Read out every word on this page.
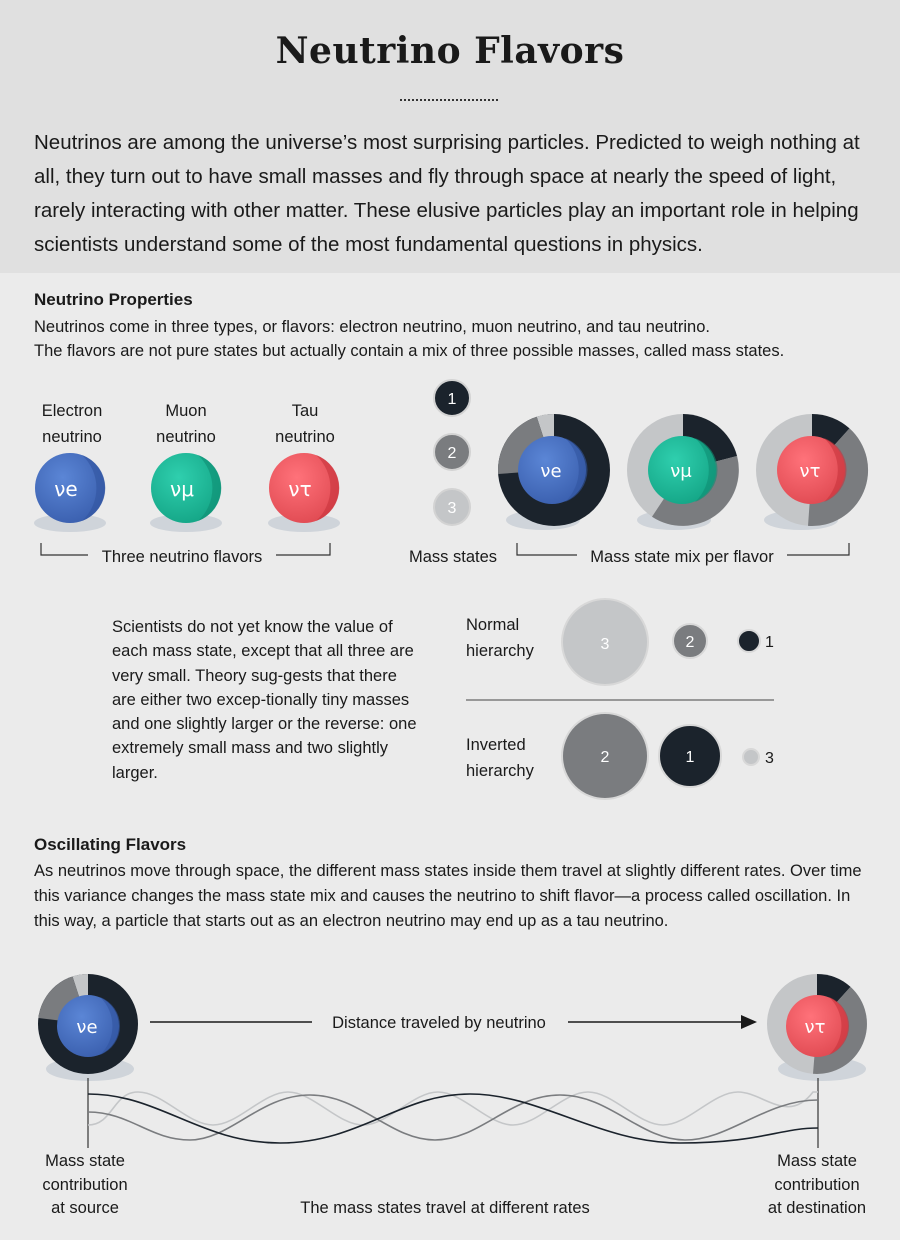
Neutrino Flavors
Neutrinos are among the universe’s most surprising particles. Predicted to weigh nothing at all, they turn out to have small masses and fly through space at nearly the speed of light, rarely interacting with other matter. These elusive particles play an important role in helping scientists understand some of the most fundamental questions in physics.
Neutrino Properties
Neutrinos come in three types, or flavors: electron neutrino, muon neutrino, and tau neutrino.
The flavors are not pure states but actually contain a mix of three possible masses, called mass states.
Electron
neutrino
Muon
neutrino
Tau
neutrino
Scientists do not yet know the value of each mass state, except that all three are very small. Theory sug-gests that there are either two excep-tionally tiny masses and one slightly larger or the reverse: one extremely small mass and two slightly larger.
Normal
hierarchy
Inverted
hierarchy
Oscillating Flavors
As neutrinos move through space, the different mass states inside them travel at slightly different rates. Over time this variance changes the mass state mix and causes the neutrino to shift flavor—a process called oscillation. In this way, a particle that starts out as an electron neutrino may end up as a tau neutrino.
Mass state
contribution
at source
Mass state
contribution
at destination
νe	νμ	ντ
Three neutrino flavors
1
2
3
Mass states
νe	νμ	ντ
Mass state mix per flavor
3	2	1
2	1	3
νe	ντ
Distance traveled by neutrino
The mass states travel at different rates
